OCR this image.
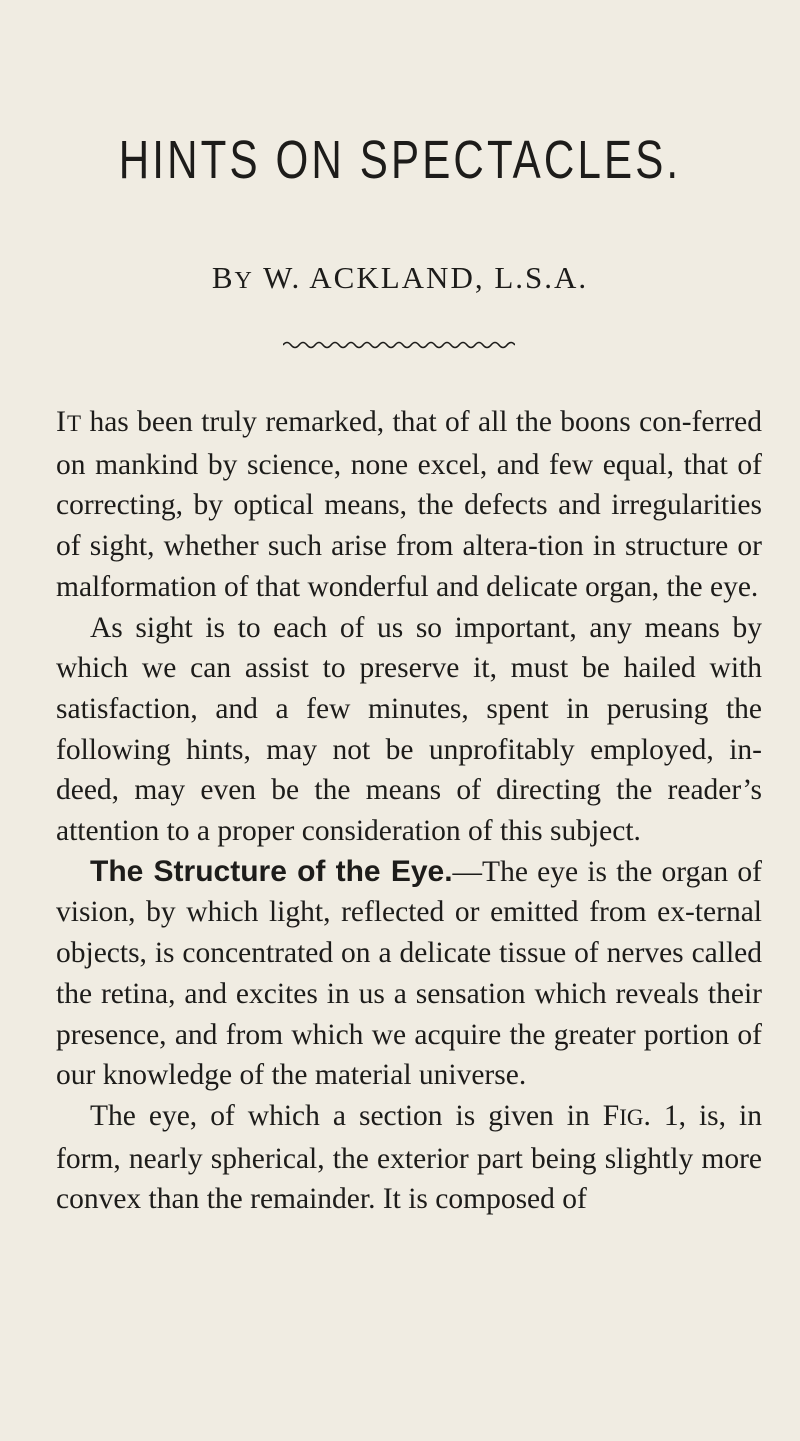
HINTS ON SPECTACLES.
BY W. ACKLAND, L.S.A.

IT has been truly remarked, that of all the boons con-ferred on mankind by science, none excel, and few equal, that of correcting, by optical means, the defects and irregularities of sight, whether such arise from altera-tion in structure or malformation of that wonderful and delicate organ, the eye.

As sight is to each of us so important, any means by which we can assist to preserve it, must be hailed with satisfaction, and a few minutes, spent in perusing the following hints, may not be unprofitably employed, in-deed, may even be the means of directing the reader’s attention to a proper consideration of this subject.

The Structure of the Eye.—The eye is the organ of vision, by which light, reflected or emitted from ex-ternal objects, is concentrated on a delicate tissue of nerves called the retina, and excites in us a sensation which reveals their presence, and from which we acquire the greater portion of our knowledge of the material universe.

The eye, of which a section is given in FIG. 1, is, in form, nearly spherical, the exterior part being slightly more convex than the remainder. It is composed of
